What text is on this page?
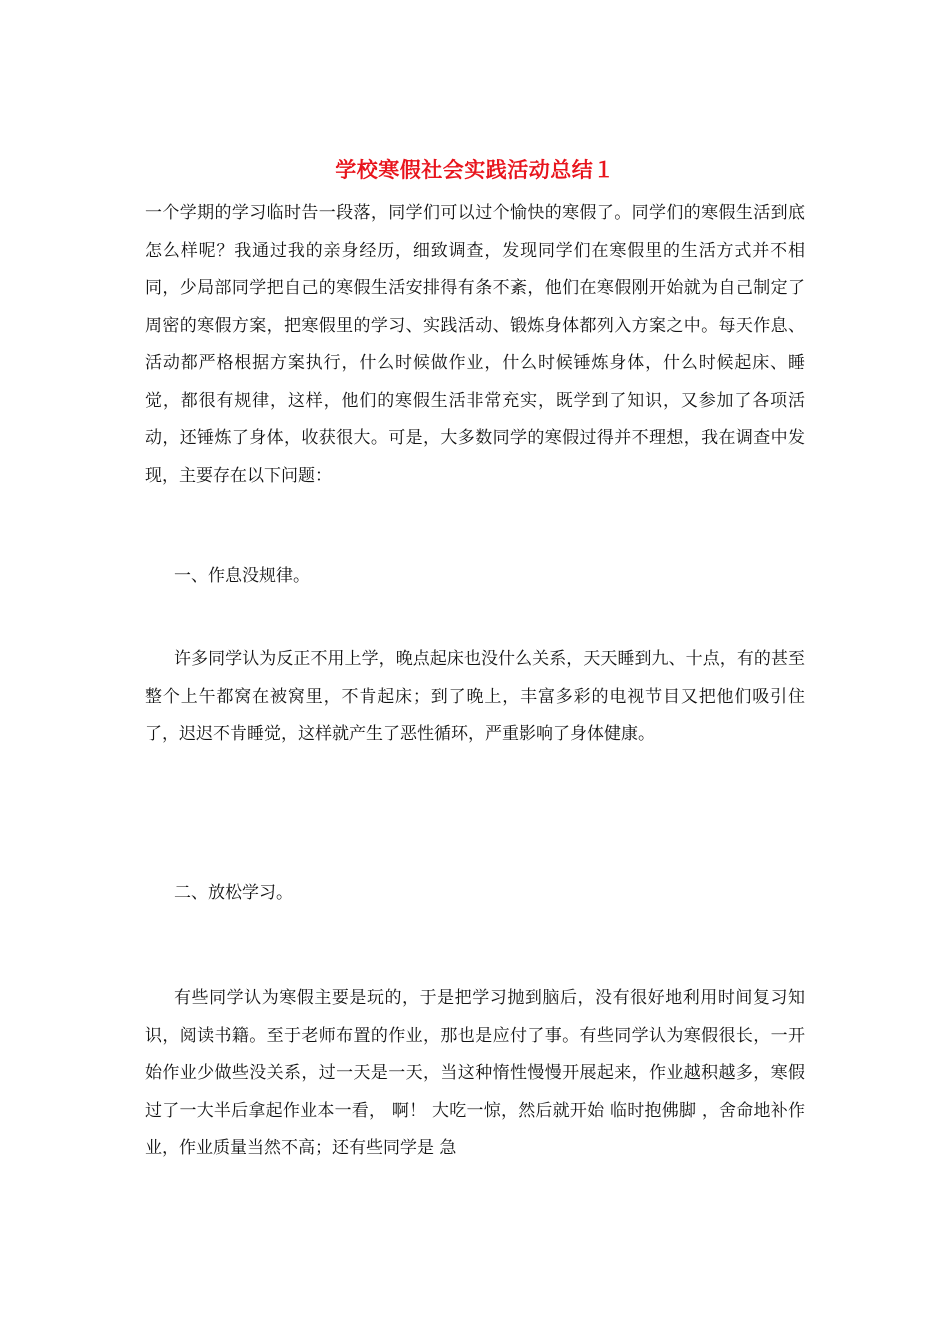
学校寒假社会实践活动总结１

一个学期的学习临时告一段落，同学们可以过个愉快的寒假了。同学们的寒假生活到底怎么样呢？我通过我的亲身经历，细致调查，发现同学们在寒假里的生活方式并不相同，少局部同学把自己的寒假生活安排得有条不紊，他们在寒假刚开始就为自己制定了周密的寒假方案，把寒假里的学习、实践活动、锻炼身体都列入方案之中。每天作息、活动都严格根据方案执行，什么时候做作业，什么时候锤炼身体，什么时候起床、睡觉，都很有规律，这样，他们的寒假生活非常充实，既学到了知识，又参加了各项活动，还锤炼了身体，收获很大。可是，大多数同学的寒假过得并不理想，我在调查中发现，主要存在以下问题：

一、作息没规律。

许多同学认为反正不用上学，晚点起床也没什么关系，天天睡到九、十点，有的甚至整个上午都窝在被窝里，不肯起床；到了晚上，丰富多彩的电视节目又把他们吸引住了，迟迟不肯睡觉，这样就产生了恶性循环，严重影响了身体健康。

二、放松学习。

有些同学认为寒假主要是玩的，于是把学习抛到脑后，没有很好地利用时间复习知识，阅读书籍。至于老师布置的作业，那也是应付了事。有些同学认为寒假很长，一开始作业少做些没关系，过一天是一天，当这种惰性慢慢开展起来，作业越积越多，寒假过了一大半后拿起作业本一看， 啊！ 大吃一惊，然后就开始 临时抱佛脚 ，舍命地补作业，作业质量当然不高；还有些同学是 急
